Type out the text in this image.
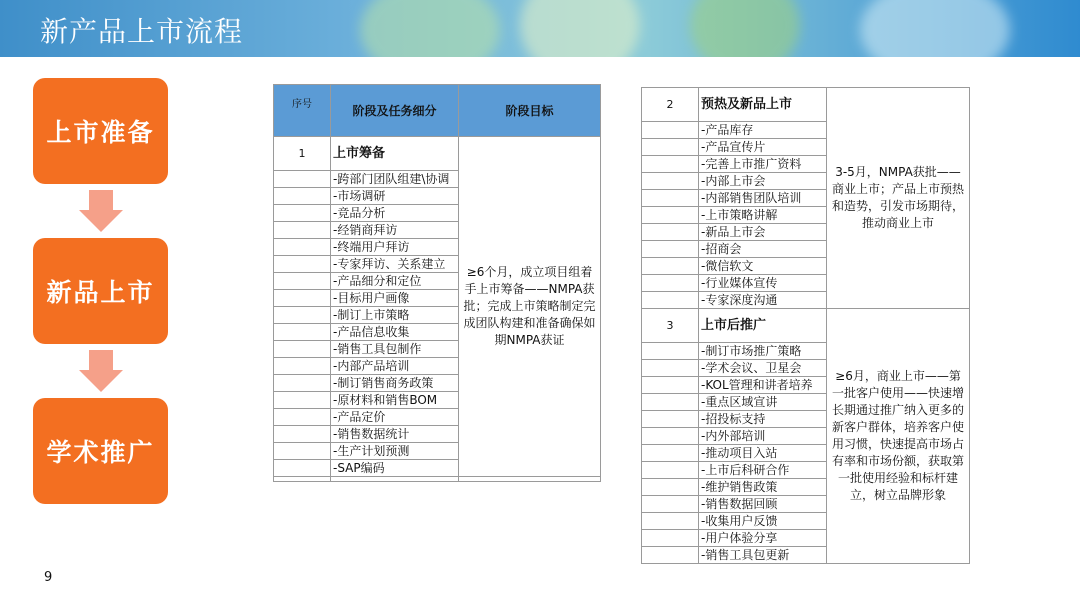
新产品上市流程
上市准备
新品上市
学术推广
9
序号	阶段及任务细分	阶段目标
1	上市筹备	≥6个月，成立项目组着手上市筹备——NMPA获批；完成上市策略制定完成团队构建和准备确保如期NMPA获证
	-跨部门团队组建\协调	
	-市场调研	
	-竞品分析	
	-经销商拜访	
	-终端用户拜访	
	-专家拜访、关系建立	
	-产品细分和定位	
	-目标用户画像	
	-制订上市策略	
	-产品信息收集	
	-销售工具包制作	
	-内部产品培训	
	-制订销售商务政策	
	-原材料和销售BOM	
	-产品定价	
	-销售数据统计	
	-生产计划预测	
	-SAP编码	

2	预热及新品上市	3-5月，NMPA获批——商业上市；产品上市预热和造势，引发市场期待，推动商业上市
	-产品库存	
	-产品宣传片	
	-完善上市推广资料	
	-内部上市会	
	-内部销售团队培训	
	-上市策略讲解	
	-新品上市会	
	-招商会	
	-微信软文	
	-行业媒体宣传	
	-专家深度沟通	
3	上市后推广	≥6月，商业上市——第一批客户使用——快速增长期通过推广纳入更多的新客户群体，培养客户使用习惯，快速提高市场占有率和市场份额，获取第一批使用经验和标杆建立，树立品牌形象
	-制订市场推广策略	
	-学术会议、卫星会	
	-KOL管理和讲者培养	
	-重点区域宣讲	
	-招投标支持	
	-内外部培训	
	-推动项目入站	
	-上市后科研合作	
	-维护销售政策	
	-销售数据回顾	
	-收集用户反馈	
	-用户体验分享	
	-销售工具包更新	
